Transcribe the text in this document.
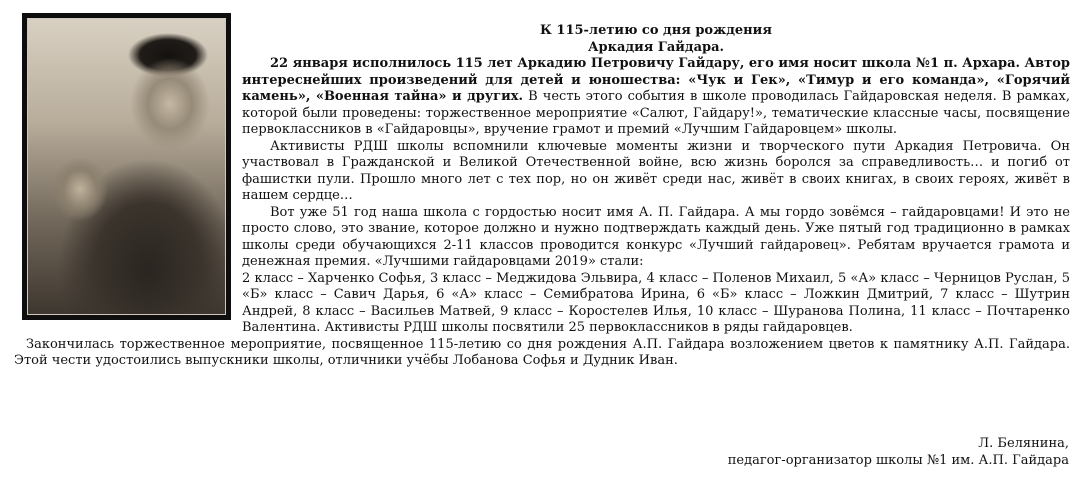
К 115-летию со дня рождения

Аркадия Гайдара.

22 января исполнилось 115 лет Аркадию Петровичу Гайдару, его имя носит школа №1 п. Архара. Автор интереснейших произведений для детей и юношества: «Чук и Гек», «Тимур и его команда», «Горячий камень», «Военная тайна» и других. В честь этого события в школе проводилась Гайдаровская неделя. В рамках, которой были проведены: торжественное мероприятие «Салют, Гайдару!», тематические классные часы, посвящение первоклассников в «Гайдаровцы», вручение грамот и премий «Лучшим Гайдаровцем» школы.

Активисты РДШ школы вспомнили ключевые моменты жизни и творческого пути Аркадия Петровича. Он участвовал в Гражданской и Великой Отечественной войне, всю жизнь боролся за справедливость… и погиб от фашистки пули. Прошло много лет с тех пор, но он живёт среди нас, живёт в своих книгах, в своих героях, живёт в нашем сердце…

Вот уже 51 год наша школа с гордостью носит имя А. П. Гайдара. А мы гордо зовёмся – гайдаровцами! И это не просто слово, это звание, которое должно и нужно подтверждать каждый день. Уже пятый год традиционно в рамках школы среди обучающихся 2-11 классов проводится конкурс «Лучший гайдаровец». Ребятам вручается грамота и денежная премия. «Лучшими гайдаровцами 2019» стали:

2 класс – Харченко Софья, 3 класс – Меджидова Эльвира, 4 класс – Поленов Михаил, 5 «А» класс – Черницов Руслан, 5 «Б» класс – Савич Дарья, 6 «А» класс – Семибратова Ирина, 6 «Б» класс – Ложкин Дмитрий, 7 класс – Шутрин Андрей, 8 класс – Васильев Матвей, 9 класс – Коростелев Илья, 10 класс – Шуранова Полина, 11 класс – Почтаренко Валентина. Активисты РДШ школы посвятили 25 первоклассников в ряды гайдаровцев.

Закончилась торжественное мероприятие, посвященное 115-летию со дня рождения А.П. Гайдара возложением цветов к памятнику А.П. Гайдара. Этой чести удостоились выпускники школы, отличники учёбы Лобанова Софья и Дудник Иван.

Л. Белянина,
педагог-организатор школы №1 им. А.П. Гайдара
